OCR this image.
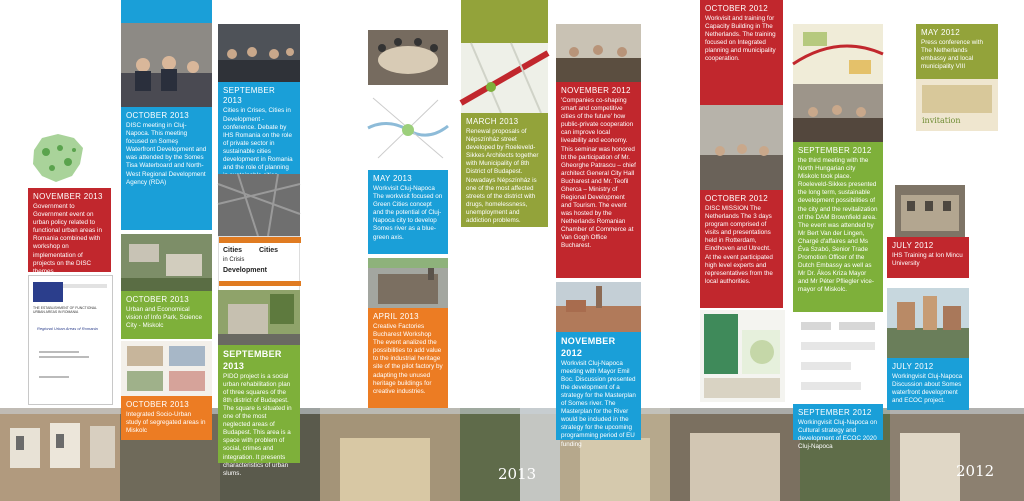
2013	2012
NOVEMBER 2013
Government to Government event on urban policy related to functional urban areas in Romania combined with workshop on implementation of projects on the DISC themes
THE ESTABLISHMENT OF FUNCTIONAL URBAN AREAS IN ROMANIA
Regional Urban Areas of Romania
OCTOBER 2013
DISC meeting in Cluj-Napoca. This meeting focused on Someş Waterfront Development and was attended by the Somes Tisa Waterboard and North-West Regional Development Agency (RDA)
OCTOBER 2013
Urban and Economical vision of Info Park, Science City - Miskolc
OCTOBER 2013
Integrated Socio-Urban study of segregated areas in Miskolc
SEPTEMBER 2013
Cities in Crises, Cities in Development - conference. Debate by IHS Romania on the role of private sector in sustainable cities development in Romania and the role of planning
Cities Cities
in Crisis
Development
SEPTEMBER 2013
PIDO project is a social urban rehabilitation plan of three squares of the 8th district of Budapest. The square is situated in one of the most neglected areas of Budapest. This area is a space with problem of social, crimes and integration. It presents characteristics of urban slums.
MAY 2013
Workvisit Cluj-Napoca The workvisit focused on Green Cities concept and the potential of Cluj-Napoca city to develop Somes river as a blue-green axis.
APRIL 2013
Creative Factories Bucharest Workshop The event analized the possibilities to add value to the industrial heritage site of the pilot factory by adapting the unused heritage buildings for creative industries.
MARCH 2013
Renewal proposals of Népszínház street developed by Roeleveld-Sikkes Architects together with Municipality of 8th District of Budapest. Nowadays Népszínház is one of the most affected streets of the district with drugs, homelessness, unemployment and addiction problems.
NOVEMBER 2012
'Companies co-shaping smart and competitive cities of the future' how public-private cooperation can improve local liveability and economy. This seminar was honored bt the participation of Mr. Gheorghe Patrascu – chief architect General City Hall Bucharest and Mr. Teofil Gherca – Ministry of Regional Development and Tourism. The event was hosted by the Netherlands Romanian Chamber of Commerce at Van Gogh Office Bucharest.
NOVEMBER 2012
Workvisit Cluj-Napoca meeting with Mayor Emil Boc. Discussion presented the development of a strategy for the Masterplan of Somes river. The Masterplan for the River would be included in the strategy for the upcoming programming period of EU funding
OCTOBER 2012
Workvisit and training for Capacity Building in The Netherlands. The training focused on Integrated planning and municipality cooperation.
OCTOBER 2012
DISC MISSION The Netherlands The 3 days program comprised of visits and presentations held in Rotterdam, Eindhoven and Utrecht. At the event participated high level experts and representatives from the local authorities.
SEPTEMBER 2012
the third meeting with the North Hungarian city Miskolc took place. Roeleveld-Sikkes presented the long term, sustainable development possibilities of the city and the revitalization of the DAM Brownfield area. The event was attended by Mr Bert Van der Lingen, Chargé d'affaires and Ms Éva Szabó, Senior Trade Promotion Officer of the Dutch Embassy as well as Mr Dr. Ákos Kriza Mayor and Mr Péter Pfliegler vice-mayor of Miskolc.
SEPTEMBER 2012
Workingvisit Cluj-Napoca on Cultural strategy and development of ECOC 2020 Cluj-Napoca
MAY 2012
Press conference with The Netherlands embassy and local municipality VIII
invitation
JULY 2012
IHS Training at Ion Mincu University
JULY 2012
Workingvisit Cluj-Napoca Discussion about Somes waterfront development and ECOC project.
